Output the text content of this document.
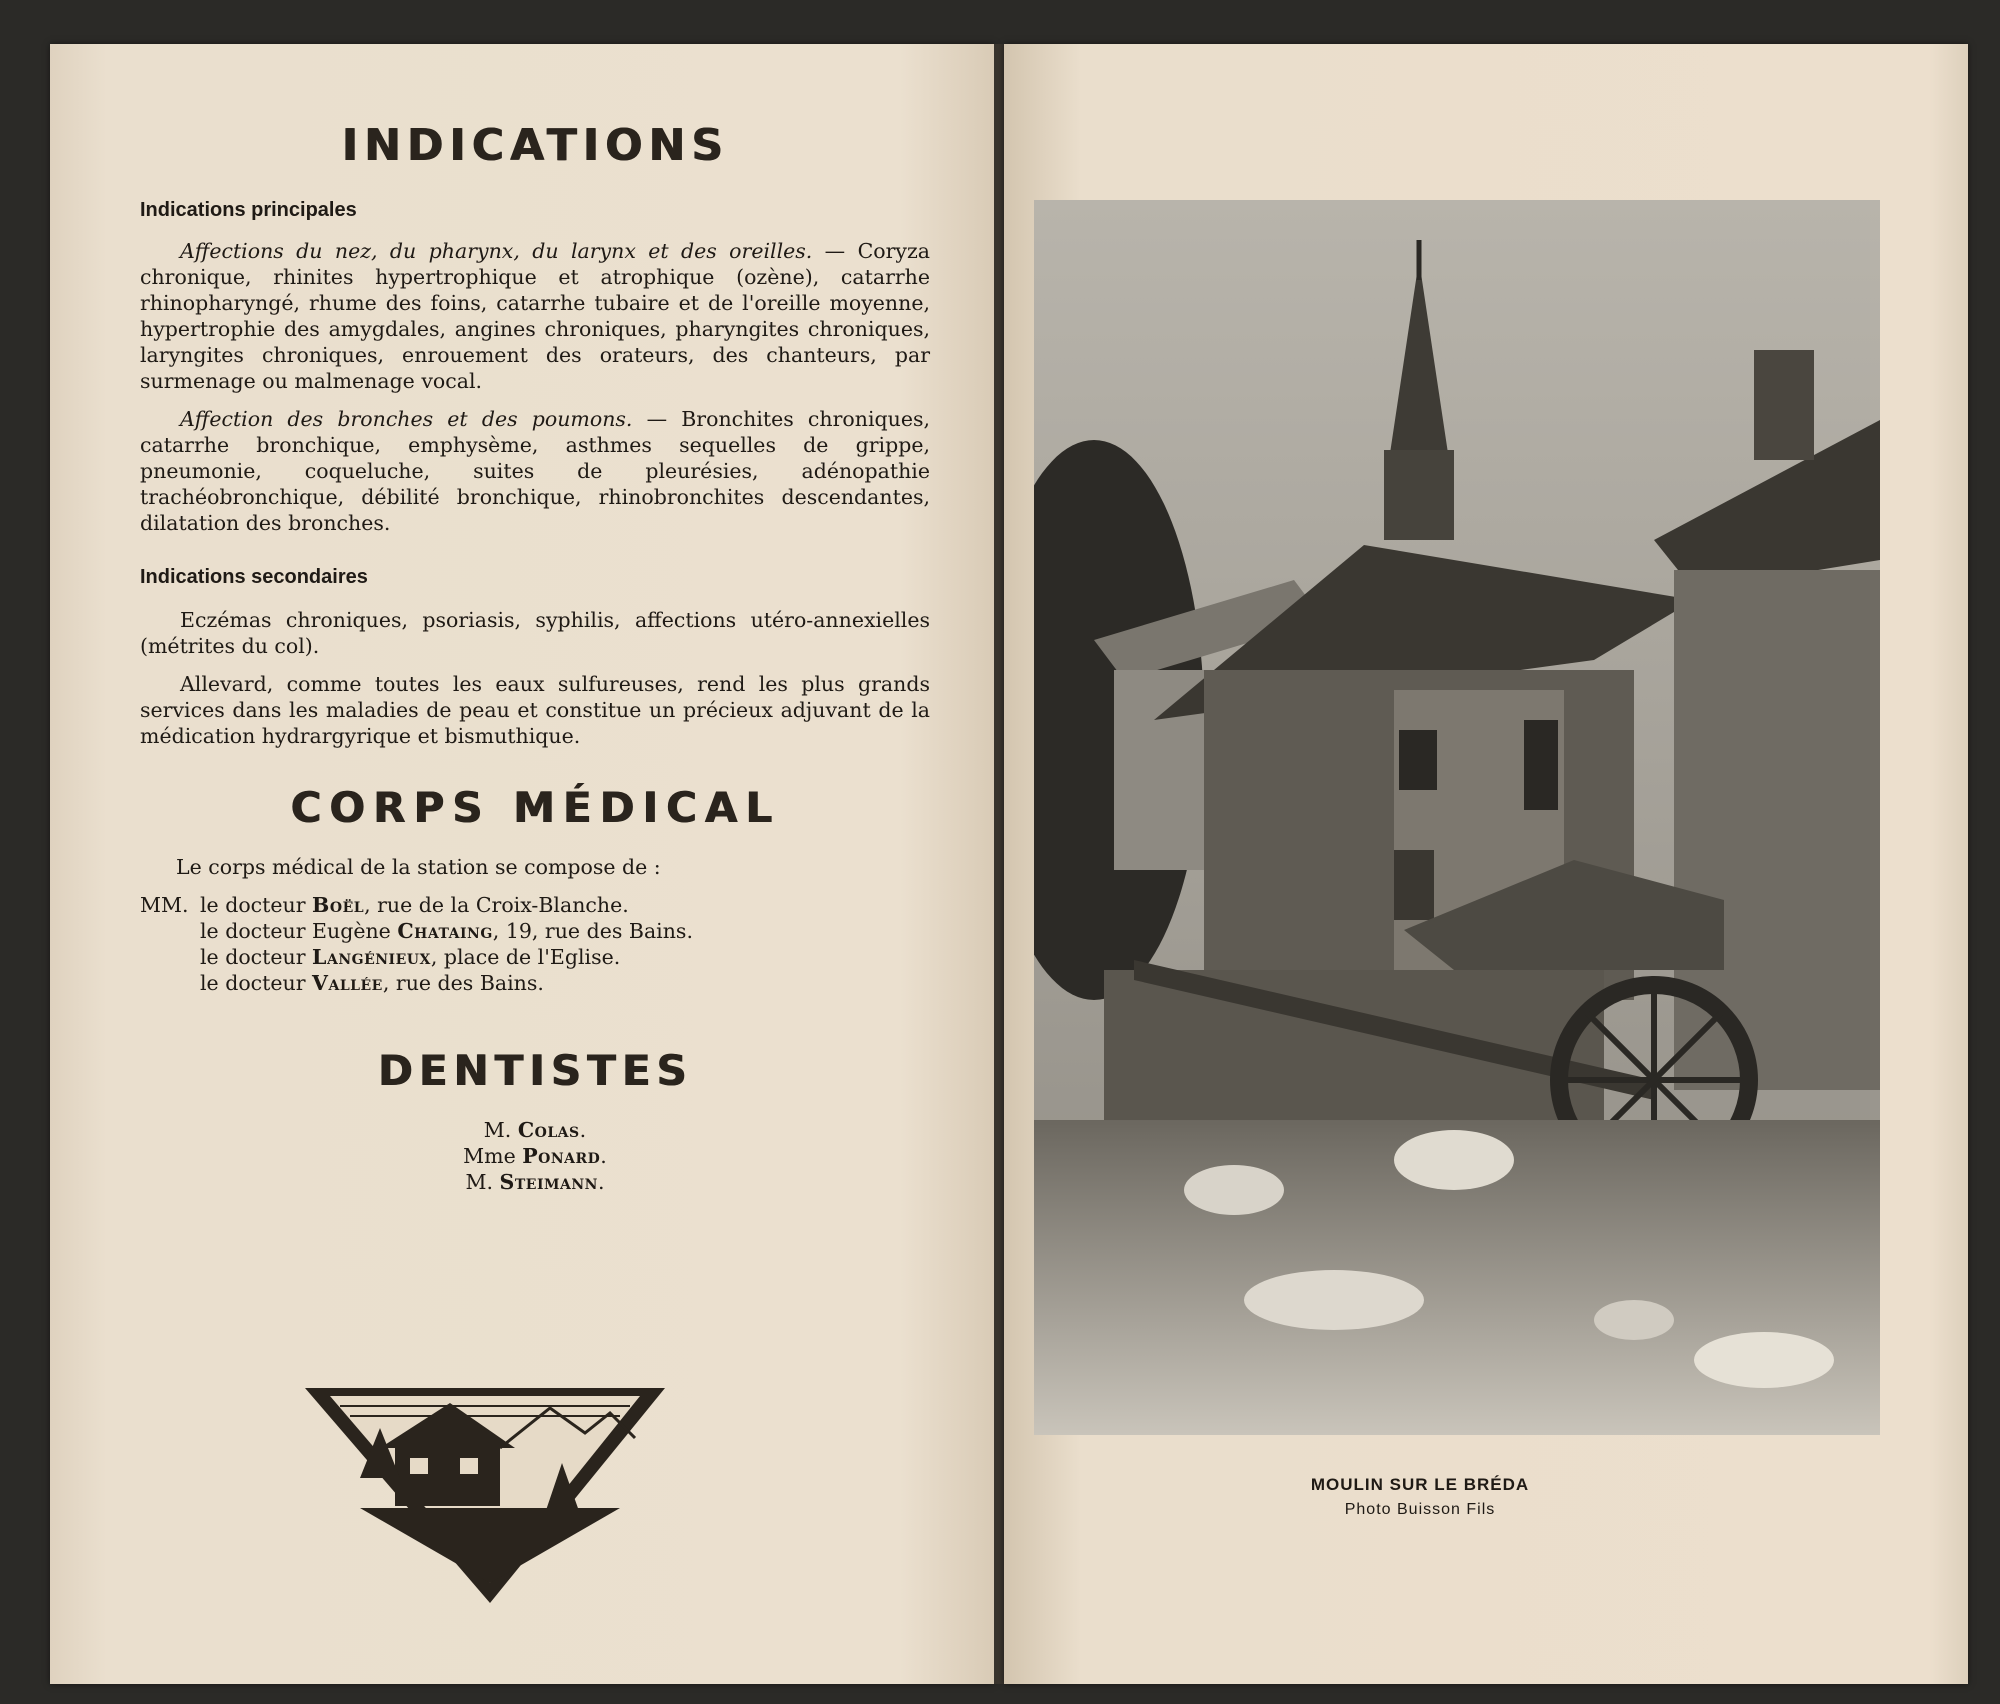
INDICATIONS
Indications principales

Affections du nez, du pharynx, du larynx et des oreilles. — Coryza chronique, rhinites hypertrophique et atrophique (ozène), catarrhe rhinopharyngé, rhume des foins, catarrhe tubaire et de l'oreille moyenne, hypertrophie des amygdales, angines chroniques, pharyngites chroniques, laryngites chroniques, enrouement des orateurs, des chanteurs, par surmenage ou malmenage vocal.

Affection des bronches et des poumons. — Bronchites chroniques, catarrhe bronchique, emphysème, asthmes sequelles de grippe, pneumonie, coqueluche, suites de pleurésies, adénopathie trachéobronchique, débilité bronchique, rhinobronchites descendantes, dilatation des bronches.

Indications secondaires

Eczémas chroniques, psoriasis, syphilis, affections utéro-annexielles (métrites du col).

Allevard, comme toutes les eaux sulfureuses, rend les plus grands services dans les maladies de peau et constitue un précieux adjuvant de la médication hydrargyrique et bismuthique.

CORPS MÉDICAL
Le corps médical de la station se compose de :
MM. le docteur Boël, rue de la Croix-Blanche.
le docteur Eugène Chataing, 19, rue des Bains.
le docteur Langénieux, place de l'Eglise.
le docteur Vallée, rue des Bains.
DENTISTES
M. Colas.
Mme Ponard.
M. Steimann.
MOULIN SUR LE BRÉDA
Photo Buisson Fils
